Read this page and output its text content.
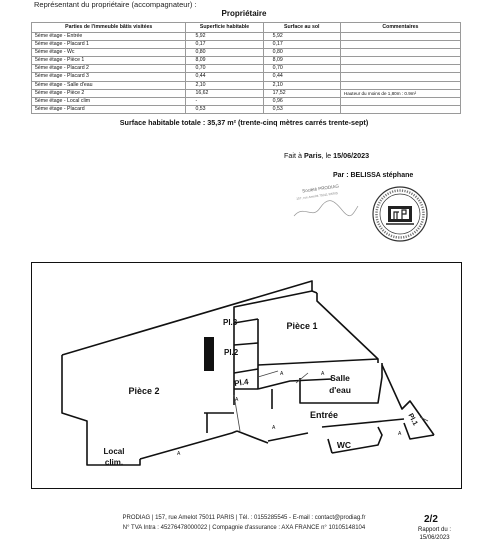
Représentant du propriétaire (accompagnateur) :
Propriétaire
Parties de l'immeuble bâtis visitées	Superficie habitable	Surface au sol	Commentaires
5ème étage - Entrée	5,92	5,92	
5ème étage - Placard 1	0,17	0,17	
5ème étage - Wc	0,80	0,80	
5ème étage - Pièce 1	8,09	8,09	
5ème étage - Placard 2	0,70	0,70	
5ème étage - Placard 3	0,44	0,44	
5ème étage - Salle d'eau	2,10	2,10	
5ème étage - Pièce 2	16,62	17,52	Hauteur du moins de 1,80m : 0.9m²
5ème étage - Local clim	-	0,96	
5ème étage - Placard	0,53	0,53	
Surface habitable totale : 35,37 m² (trente-cinq mètres carrés trente-sept)
Fait à Paris, le 15/06/2023
Par : BELISSA stéphane
Société PRODIAG
157, rue Amelot 75011 PARIS
A
A
A
A
A
A
Pièce 1
Pièce 2
Pl.3
Pl.2
Pl.4
Pl.1
Salle
d'eau
Entrée
WC
Local
clim.
PRODIAG | 157, rue Amelot 75011 PARIS | Tél. : 0155285545 - E-mail : contact@prodiag.fr
N° TVA Intra : 45276478000022 | Compagnie d'assurance : AXA FRANCE n° 10105148104
2/2
Rapport du :
15/06/2023
